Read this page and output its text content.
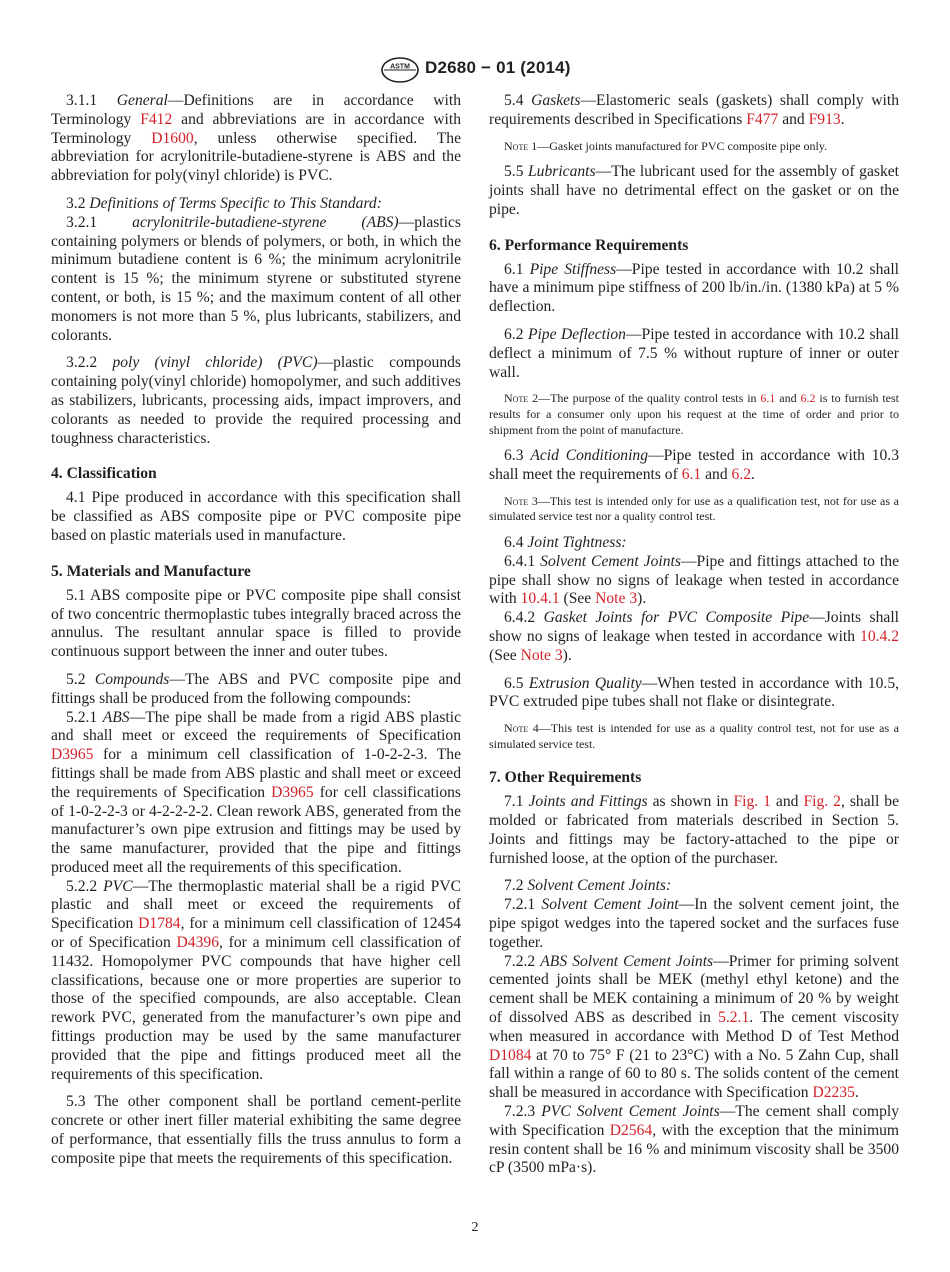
ASTM D2680 − 01 (2014)

3.1.1 General—Definitions are in accordance with Terminology F412 and abbreviations are in accordance with Terminology D1600, unless otherwise specified. The abbreviation for acrylonitrile-butadiene-styrene is ABS and the abbreviation for poly(vinyl chloride) is PVC.

3.2 Definitions of Terms Specific to This Standard:

3.2.1 acrylonitrile-butadiene-styrene (ABS)—plastics containing polymers or blends of polymers, or both, in which the minimum butadiene content is 6 %; the minimum acrylonitrile content is 15 %; the minimum styrene or substituted styrene content, or both, is 15 %; and the maximum content of all other monomers is not more than 5 %, plus lubricants, stabilizers, and colorants.

3.2.2 poly (vinyl chloride) (PVC)—plastic compounds containing poly(vinyl chloride) homopolymer, and such additives as stabilizers, lubricants, processing aids, impact improvers, and colorants as needed to provide the required processing and toughness characteristics.

4. Classification

4.1 Pipe produced in accordance with this specification shall be classified as ABS composite pipe or PVC composite pipe based on plastic materials used in manufacture.

5. Materials and Manufacture

5.1 ABS composite pipe or PVC composite pipe shall consist of two concentric thermoplastic tubes integrally braced across the annulus. The resultant annular space is filled to provide continuous support between the inner and outer tubes.

5.2 Compounds—The ABS and PVC composite pipe and fittings shall be produced from the following compounds:

5.2.1 ABS—The pipe shall be made from a rigid ABS plastic and shall meet or exceed the requirements of Specification D3965 for a minimum cell classification of 1-0-2-2-3. The fittings shall be made from ABS plastic and shall meet or exceed the requirements of Specification D3965 for cell classifications of 1-0-2-2-3 or 4-2-2-2-2. Clean rework ABS, generated from the manufacturer’s own pipe extrusion and fittings may be used by the same manufacturer, provided that the pipe and fittings produced meet all the requirements of this specification.

5.2.2 PVC—The thermoplastic material shall be a rigid PVC plastic and shall meet or exceed the requirements of Specification D1784, for a minimum cell classification of 12454 or of Specification D4396, for a minimum cell classification of 11432. Homopolymer PVC compounds that have higher cell classifications, because one or more properties are superior to those of the specified compounds, are also acceptable. Clean rework PVC, generated from the manufacturer’s own pipe and fittings production may be used by the same manufacturer provided that the pipe and fittings produced meet all the requirements of this specification.

5.3 The other component shall be portland cement-perlite concrete or other inert filler material exhibiting the same degree of performance, that essentially fills the truss annulus to form a composite pipe that meets the requirements of this specification.

5.4 Gaskets—Elastomeric seals (gaskets) shall comply with requirements described in Specifications F477 and F913.

Note 1—Gasket joints manufactured for PVC composite pipe only.

5.5 Lubricants—The lubricant used for the assembly of gasket joints shall have no detrimental effect on the gasket or on the pipe.

6. Performance Requirements

6.1 Pipe Stiffness—Pipe tested in accordance with 10.2 shall have a minimum pipe stiffness of 200 lb/in./in. (1380 kPa) at 5 % deflection.

6.2 Pipe Deflection—Pipe tested in accordance with 10.2 shall deflect a minimum of 7.5 % without rupture of inner or outer wall.

Note 2—The purpose of the quality control tests in 6.1 and 6.2 is to furnish test results for a consumer only upon his request at the time of order and prior to shipment from the point of manufacture.

6.3 Acid Conditioning—Pipe tested in accordance with 10.3 shall meet the requirements of 6.1 and 6.2.

Note 3—This test is intended only for use as a qualification test, not for use as a simulated service test nor a quality control test.

6.4 Joint Tightness:

6.4.1 Solvent Cement Joints—Pipe and fittings attached to the pipe shall show no signs of leakage when tested in accordance with 10.4.1 (See Note 3).

6.4.2 Gasket Joints for PVC Composite Pipe—Joints shall show no signs of leakage when tested in accordance with 10.4.2 (See Note 3).

6.5 Extrusion Quality—When tested in accordance with 10.5, PVC extruded pipe tubes shall not flake or disintegrate.

Note 4—This test is intended for use as a quality control test, not for use as a simulated service test.

7. Other Requirements

7.1 Joints and Fittings as shown in Fig. 1 and Fig. 2, shall be molded or fabricated from materials described in Section 5. Joints and fittings may be factory-attached to the pipe or furnished loose, at the option of the purchaser.

7.2 Solvent Cement Joints:

7.2.1 Solvent Cement Joint—In the solvent cement joint, the pipe spigot wedges into the tapered socket and the surfaces fuse together.

7.2.2 ABS Solvent Cement Joints—Primer for priming solvent cemented joints shall be MEK (methyl ethyl ketone) and the cement shall be MEK containing a minimum of 20 % by weight of dissolved ABS as described in 5.2.1. The cement viscosity when measured in accordance with Method D of Test Method D1084 at 70 to 75° F (21 to 23°C) with a No. 5 Zahn Cup, shall fall within a range of 60 to 80 s. The solids content of the cement shall be measured in accordance with Specification D2235.

7.2.3 PVC Solvent Cement Joints—The cement shall comply with Specification D2564, with the exception that the minimum resin content shall be 16 % and minimum viscosity shall be 3500 cP (3500 mPa·s).

2
